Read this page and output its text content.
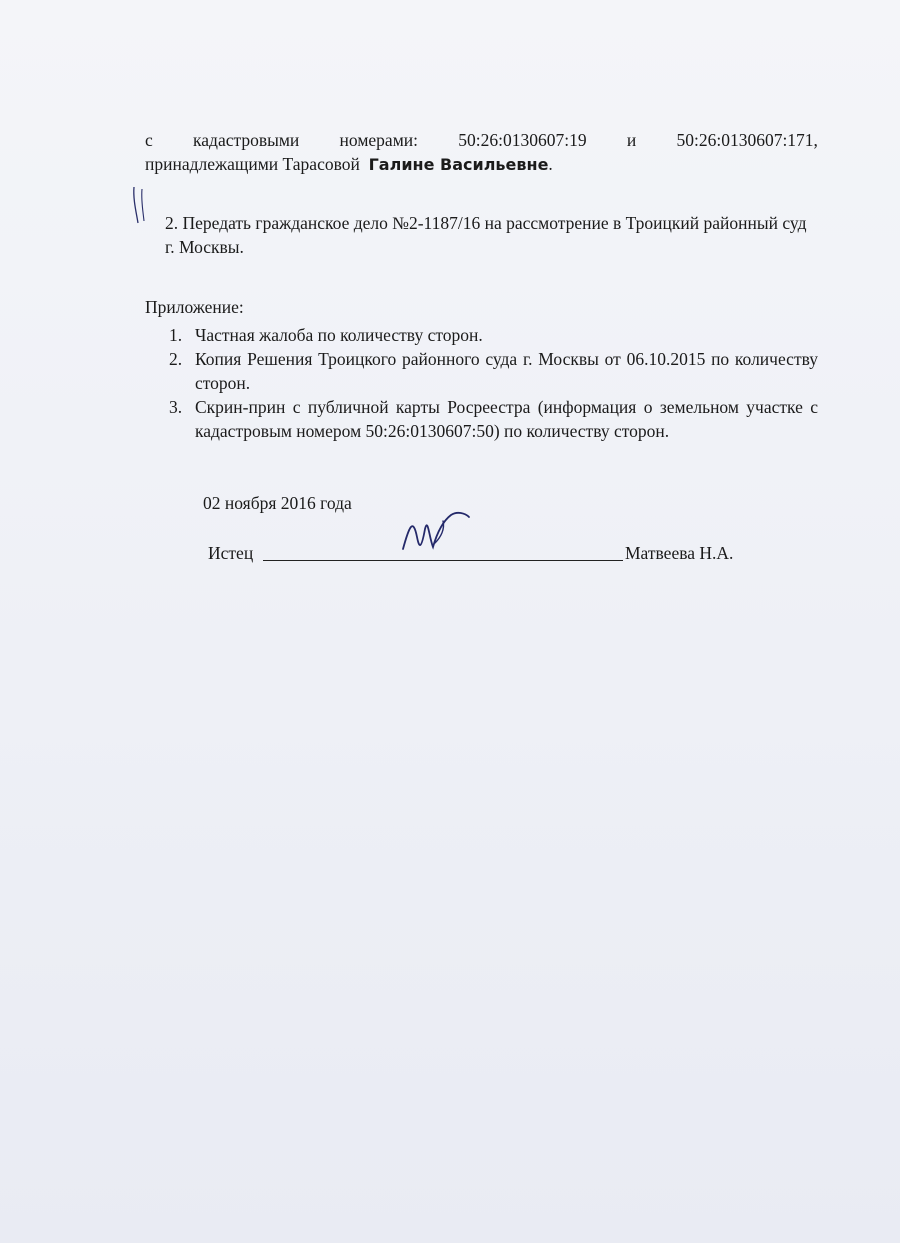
с кадастровыми номерами: 50:26:0130607:19 и 50:26:0130607:171,

принадлежащими Тарасовой Галине Васильевне.

2. Передать гражданское дело №2-1187/16 на рассмотрение в Троицкий районный суд г. Москвы.
Приложение:
1. Частная жалоба по количеству сторон.
2. Копия Решения Троицкого районного суда г. Москвы от 06.10.2015 по количеству сторон.
3. Скрин-прин с публичной карты Росреестра (информация о земельном участке с кадастровым номером 50:26:0130607:50) по количеству сторон.
02 ноября 2016 года
Истец	Матвеева Н.А.
